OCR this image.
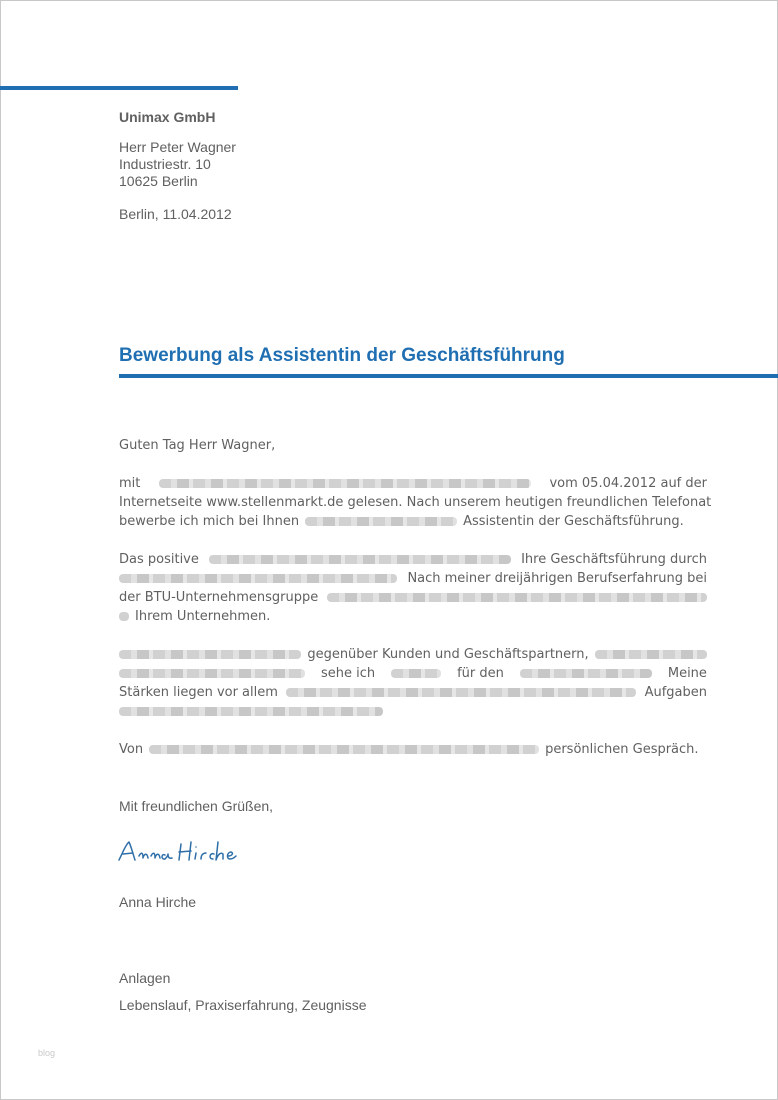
Unimax GmbH
Herr Peter Wagner
Industriestr. 10
10625 Berlin
Berlin, 11.04.2012
Bewerbung als Assistentin der Geschäftsführung
Guten Tag Herr Wagner,
mit	vom 05.04.2012 auf der
Internetseite www.stellenmarkt.de gelesen. Nach unserem heutigen freundlichen Telefonat
bewerbe ich mich bei Ihnen	Assistentin der Geschäftsführung.
Das positive	Ihre Geschäftsführung durch
Nach meiner dreijährigen Berufserfahrung bei
der BTU-Unternehmensgruppe
Ihrem Unternehmen.
gegenüber Kunden und Geschäftspartnern,
sehe ich	für den	Meine
Stärken liegen vor allem	Aufgaben
Von	persönlichen Gespräch.
Mit freundlichen Grüßen,
Anna Hirche
Anlagen
Lebenslauf, Praxiserfahrung, Zeugnisse
blog
